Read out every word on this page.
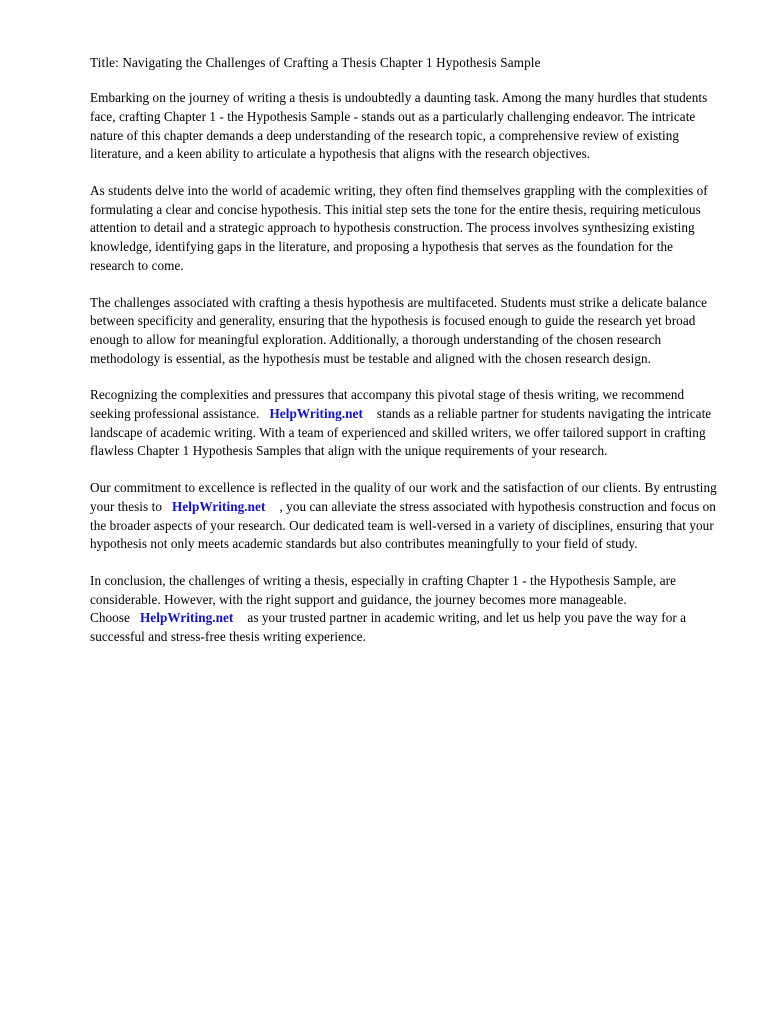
Title: Navigating the Challenges of Crafting a Thesis Chapter 1 Hypothesis Sample

Embarking on the journey of writing a thesis is undoubtedly a daunting task. Among the many hurdles that students face, crafting Chapter 1 - the Hypothesis Sample - stands out as a particularly challenging endeavor. The intricate nature of this chapter demands a deep understanding of the research topic, a comprehensive review of existing literature, and a keen ability to articulate a hypothesis that aligns with the research objectives.

As students delve into the world of academic writing, they often find themselves grappling with the complexities of formulating a clear and concise hypothesis. This initial step sets the tone for the entire thesis, requiring meticulous attention to detail and a strategic approach to hypothesis construction. The process involves synthesizing existing knowledge, identifying gaps in the literature, and proposing a hypothesis that serves as the foundation for the research to come.

The challenges associated with crafting a thesis hypothesis are multifaceted. Students must strike a delicate balance between specificity and generality, ensuring that the hypothesis is focused enough to guide the research yet broad enough to allow for meaningful exploration. Additionally, a thorough understanding of the chosen research methodology is essential, as the hypothesis must be testable and aligned with the chosen research design.

Recognizing the complexities and pressures that accompany this pivotal stage of thesis writing, we recommend seeking professional assistance. HelpWriting.net stands as a reliable partner for students navigating the intricate landscape of academic writing. With a team of experienced and skilled writers, we offer tailored support in crafting flawless Chapter 1 Hypothesis Samples that align with the unique requirements of your research.

Our commitment to excellence is reflected in the quality of our work and the satisfaction of our clients. By entrusting your thesis to HelpWriting.net , you can alleviate the stress associated with hypothesis construction and focus on the broader aspects of your research. Our dedicated team is well-versed in a variety of disciplines, ensuring that your hypothesis not only meets academic standards but also contributes meaningfully to your field of study.

In conclusion, the challenges of writing a thesis, especially in crafting Chapter 1 - the Hypothesis Sample, are considerable. However, with the right support and guidance, the journey becomes more manageable. Choose HelpWriting.net as your trusted partner in academic writing, and let us help you pave the way for a successful and stress-free thesis writing experience.
